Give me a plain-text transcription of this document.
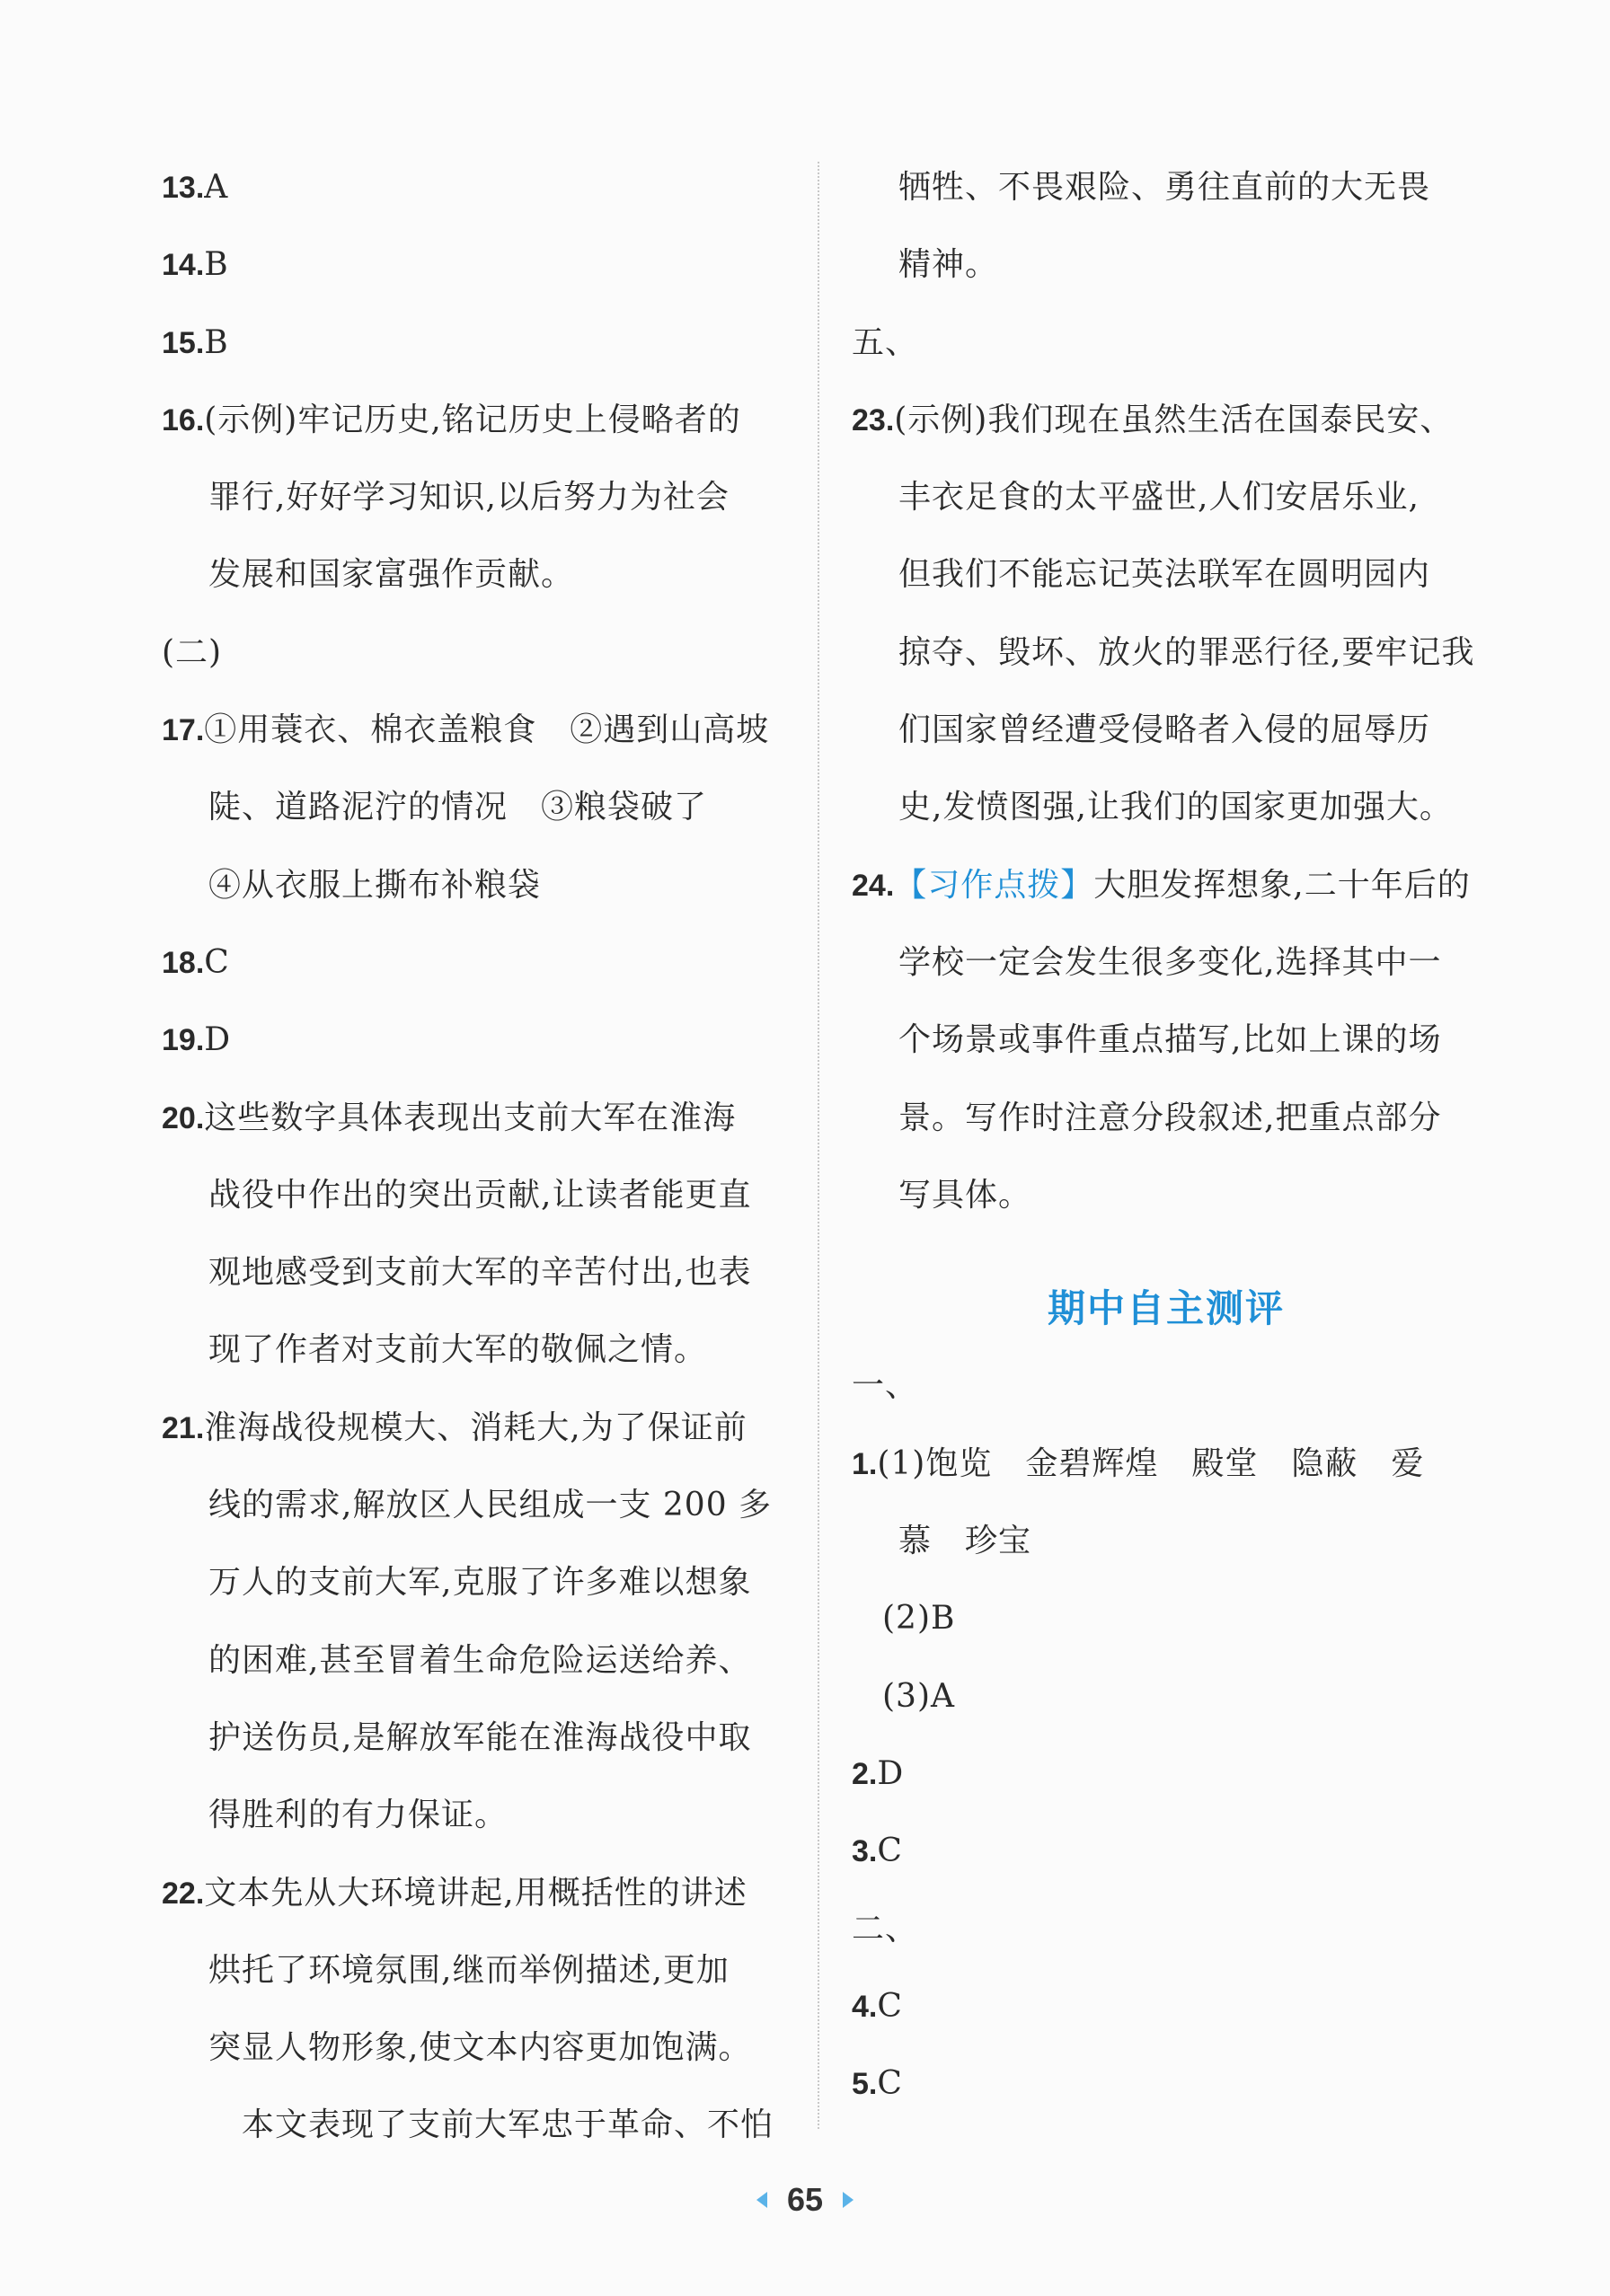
13.A
14.B
15.B
16.(示例)牢记历史,铭记历史上侵略者的
罪行,好好学习知识,以后努力为社会
发展和国家富强作贡献。
(二)
17.①用蓑衣、棉衣盖粮食　②遇到山高坡
陡、道路泥泞的情况　③粮袋破了
④从衣服上撕布补粮袋
18.C
19.D
20.这些数字具体表现出支前大军在淮海
战役中作出的突出贡献,让读者能更直
观地感受到支前大军的辛苦付出,也表
现了作者对支前大军的敬佩之情。
21.淮海战役规模大、消耗大,为了保证前
线的需求,解放区人民组成一支 200 多
万人的支前大军,克服了许多难以想象
的困难,甚至冒着生命危险运送给养、
护送伤员,是解放军能在淮海战役中取
得胜利的有力保证。
22.文本先从大环境讲起,用概括性的讲述
烘托了环境氛围,继而举例描述,更加
突显人物形象,使文本内容更加饱满。
　本文表现了支前大军忠于革命、不怕
牺牲、不畏艰险、勇往直前的大无畏
精神。
五、
23.(示例)我们现在虽然生活在国泰民安、
丰衣足食的太平盛世,人们安居乐业,
但我们不能忘记英法联军在圆明园内
掠夺、毁坏、放火的罪恶行径,要牢记我
们国家曾经遭受侵略者入侵的屈辱历
史,发愤图强,让我们的国家更加强大。
24.【习作点拨】大胆发挥想象,二十年后的
学校一定会发生很多变化,选择其中一
个场景或事件重点描写,比如上课的场
景。写作时注意分段叙述,把重点部分
写具体。
期中自主测评
一、
1.(1)饱览　金碧辉煌　殿堂　隐蔽　爱
慕　珍宝
(2)B
(3)A
2.D
3.C
二、
4.C
5.C
65
